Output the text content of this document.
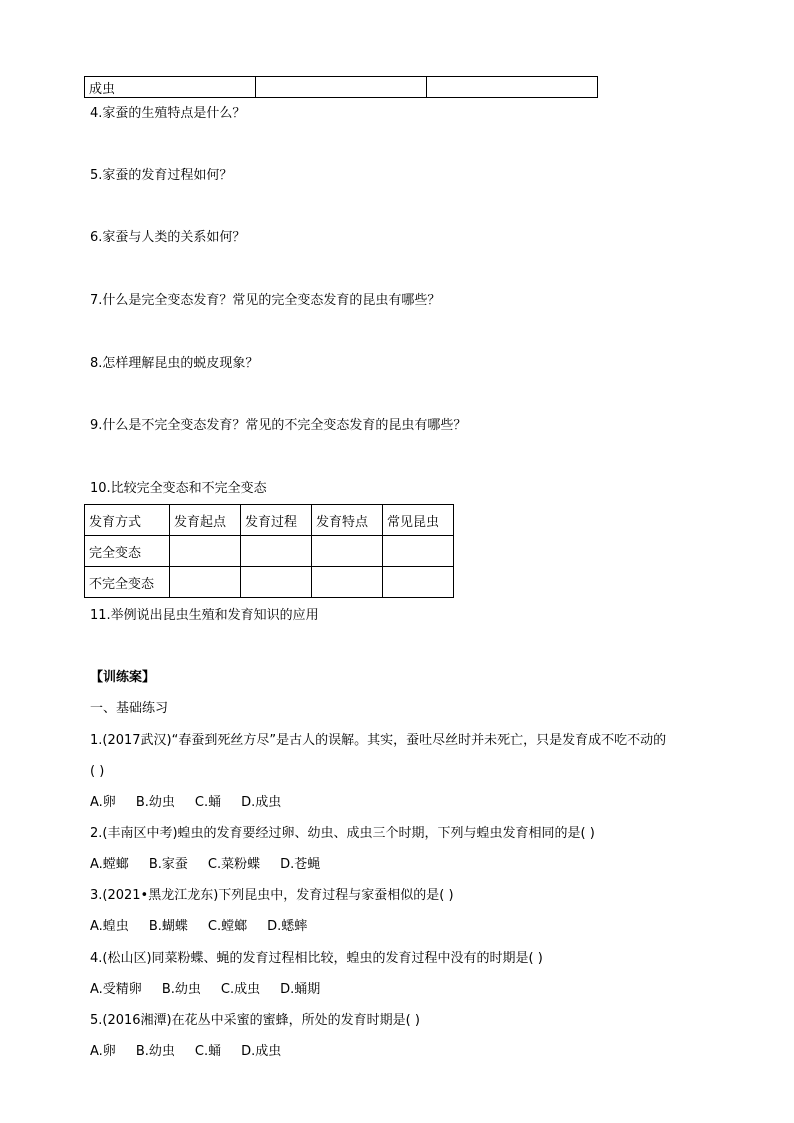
成虫		
4.家蚕的生殖特点是什么？
5.家蚕的发育过程如何？
6.家蚕与人类的关系如何？
7.什么是完全变态发育？常见的完全变态发育的昆虫有哪些？
8.怎样理解昆虫的蜕皮现象？
9.什么是不完全变态发育？常见的不完全变态发育的昆虫有哪些？
10.比较完全变态和不完全变态
发育方式	发育起点	发育过程	发育特点	常见昆虫
完全变态				
不完全变态				
11.举例说出昆虫生殖和发育知识的应用
【训练案】
一、基础练习
1.(2017武汉)“春蚕到死丝方尽”是古人的误解。其实，蚕吐尽丝时并未死亡，只是发育成不吃不动的
( )
A.卵 B.幼虫 C.蛹 D.成虫
2.(丰南区中考)蝗虫的发育要经过卵、幼虫、成虫三个时期，下列与蝗虫发育相同的是( )
A.螳螂 B.家蚕 C.菜粉蝶 D.苍蝇
3.(2021•黑龙江龙东)下列昆虫中，发育过程与家蚕相似的是( )
A.蝗虫 B.蝴蝶 C.螳螂 D.蟋蟀
4.(松山区)同菜粉蝶、蝇的发育过程相比较，蝗虫的发育过程中没有的时期是( )
A.受精卵 B.幼虫 C.成虫 D.蛹期
5.(2016湘潭)在花丛中采蜜的蜜蜂，所处的发育时期是( )
A.卵 B.幼虫 C.蛹 D.成虫
